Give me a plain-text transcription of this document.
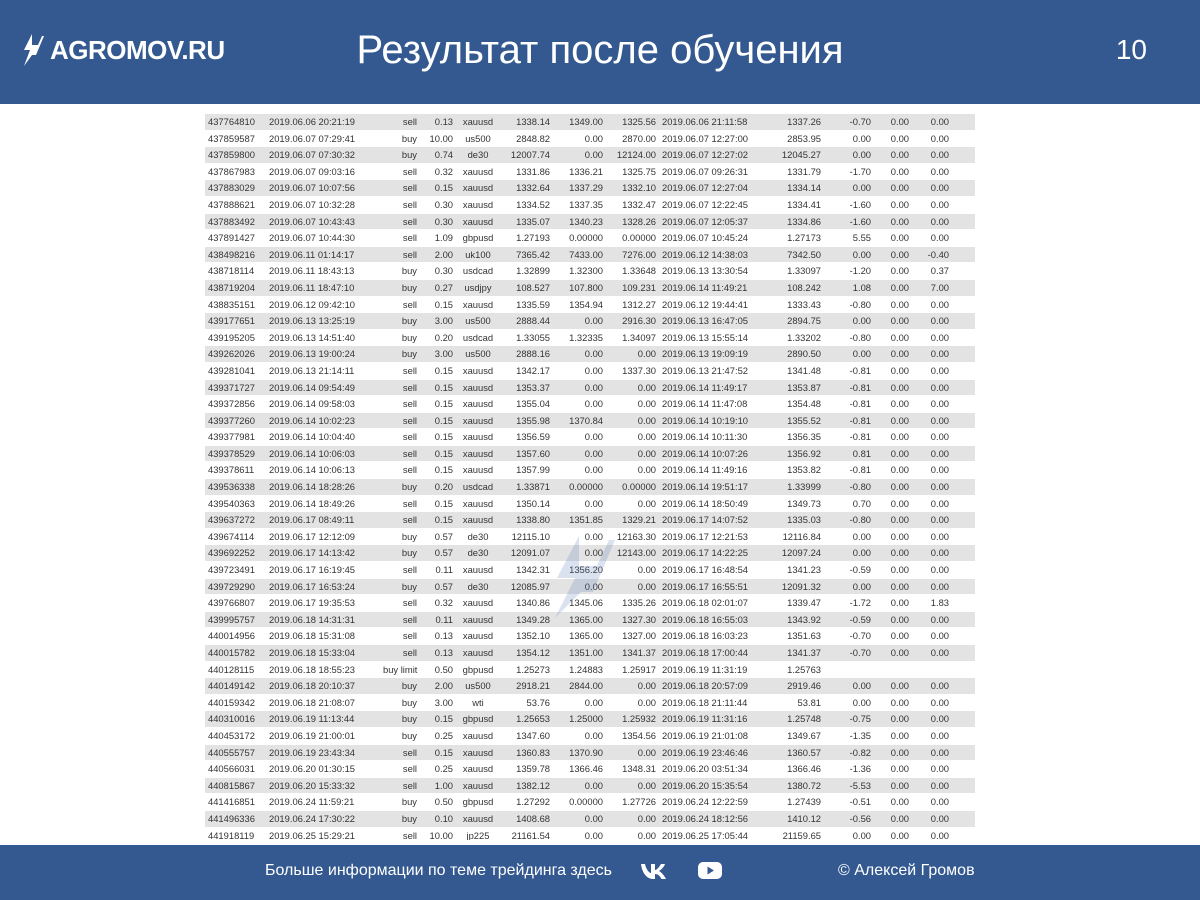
AGROMOV.RU	Результат после обучения	10
437764810	2019.06.06 20:21:19	sell	0.13	xauusd	1338.14	1349.00	1325.56	2019.06.06 21:11:58	1337.26	-0.70	0.00	0.00	
437859587	2019.06.07 07:29:41	buy	10.00	us500	2848.82	0.00	2870.00	2019.06.07 12:27:00	2853.95	0.00	0.00	0.00	
437859800	2019.06.07 07:30:32	buy	0.74	de30	12007.74	0.00	12124.00	2019.06.07 12:27:02	12045.27	0.00	0.00	0.00	
437867983	2019.06.07 09:03:16	sell	0.32	xauusd	1331.86	1336.21	1325.75	2019.06.07 09:26:31	1331.79	-1.70	0.00	0.00	
437883029	2019.06.07 10:07:56	sell	0.15	xauusd	1332.64	1337.29	1332.10	2019.06.07 12:27:04	1334.14	0.00	0.00	0.00	
437888621	2019.06.07 10:32:28	sell	0.30	xauusd	1334.52	1337.35	1332.47	2019.06.07 12:22:45	1334.41	-1.60	0.00	0.00	
437883492	2019.06.07 10:43:43	sell	0.30	xauusd	1335.07	1340.23	1328.26	2019.06.07 12:05:37	1334.86	-1.60	0.00	0.00	
437891427	2019.06.07 10:44:30	sell	1.09	gbpusd	1.27193	0.00000	0.00000	2019.06.07 10:45:24	1.27173	5.55	0.00	0.00	
438498216	2019.06.11 01:14:17	sell	2.00	uk100	7365.42	7433.00	7276.00	2019.06.12 14:38:03	7342.50	0.00	0.00	-0.40	
438718114	2019.06.11 18:43:13	buy	0.30	usdcad	1.32899	1.32300	1.33648	2019.06.13 13:30:54	1.33097	-1.20	0.00	0.37	
438719204	2019.06.11 18:47:10	buy	0.27	usdjpy	108.527	107.800	109.231	2019.06.14 11:49:21	108.242	1.08	0.00	7.00	
438835151	2019.06.12 09:42:10	sell	0.15	xauusd	1335.59	1354.94	1312.27	2019.06.12 19:44:41	1333.43	-0.80	0.00	0.00	
439177651	2019.06.13 13:25:19	buy	3.00	us500	2888.44	0.00	2916.30	2019.06.13 16:47:05	2894.75	0.00	0.00	0.00	
439195205	2019.06.13 14:51:40	buy	0.20	usdcad	1.33055	1.32335	1.34097	2019.06.13 15:55:14	1.33202	-0.80	0.00	0.00	
439262026	2019.06.13 19:00:24	buy	3.00	us500	2888.16	0.00	0.00	2019.06.13 19:09:19	2890.50	0.00	0.00	0.00	
439281041	2019.06.13 21:14:11	sell	0.15	xauusd	1342.17	0.00	1337.30	2019.06.13 21:47:52	1341.48	-0.81	0.00	0.00	
439371727	2019.06.14 09:54:49	sell	0.15	xauusd	1353.37	0.00	0.00	2019.06.14 11:49:17	1353.87	-0.81	0.00	0.00	
439372856	2019.06.14 09:58:03	sell	0.15	xauusd	1355.04	0.00	0.00	2019.06.14 11:47:08	1354.48	-0.81	0.00	0.00	
439377260	2019.06.14 10:02:23	sell	0.15	xauusd	1355.98	1370.84	0.00	2019.06.14 10:19:10	1355.52	-0.81	0.00	0.00	
439377981	2019.06.14 10:04:40	sell	0.15	xauusd	1356.59	0.00	0.00	2019.06.14 10:11:30	1356.35	-0.81	0.00	0.00	
439378529	2019.06.14 10:06:03	sell	0.15	xauusd	1357.60	0.00	0.00	2019.06.14 10:07:26	1356.92	0.81	0.00	0.00	
439378611	2019.06.14 10:06:13	sell	0.15	xauusd	1357.99	0.00	0.00	2019.06.14 11:49:16	1353.82	-0.81	0.00	0.00	
439536338	2019.06.14 18:28:26	buy	0.20	usdcad	1.33871	0.00000	0.00000	2019.06.14 19:51:17	1.33999	-0.80	0.00	0.00	
439540363	2019.06.14 18:49:26	sell	0.15	xauusd	1350.14	0.00	0.00	2019.06.14 18:50:49	1349.73	0.70	0.00	0.00	
439637272	2019.06.17 08:49:11	sell	0.15	xauusd	1338.80	1351.85	1329.21	2019.06.17 14:07:52	1335.03	-0.80	0.00	0.00	
439674114	2019.06.17 12:12:09	buy	0.57	de30	12115.10	0.00	12163.30	2019.06.17 12:21:53	12116.84	0.00	0.00	0.00	
439692252	2019.06.17 14:13:42	buy	0.57	de30	12091.07	0.00	12143.00	2019.06.17 14:22:25	12097.24	0.00	0.00	0.00	
439723491	2019.06.17 16:19:45	sell	0.11	xauusd	1342.31	1356.20	0.00	2019.06.17 16:48:54	1341.23	-0.59	0.00	0.00	
439729290	2019.06.17 16:53:24	buy	0.57	de30	12085.97	0.00	0.00	2019.06.17 16:55:51	12091.32	0.00	0.00	0.00	
439766807	2019.06.17 19:35:53	sell	0.32	xauusd	1340.86	1345.06	1335.26	2019.06.18 02:01:07	1339.47	-1.72	0.00	1.83	
439995757	2019.06.18 14:31:31	sell	0.11	xauusd	1349.28	1365.00	1327.30	2019.06.18 16:55:03	1343.92	-0.59	0.00	0.00	
440014956	2019.06.18 15:31:08	sell	0.13	xauusd	1352.10	1365.00	1327.00	2019.06.18 16:03:23	1351.63	-0.70	0.00	0.00	
440015782	2019.06.18 15:33:04	sell	0.13	xauusd	1354.12	1351.00	1341.37	2019.06.18 17:00:44	1341.37	-0.70	0.00	0.00	
440128115	2019.06.18 18:55:23	buy limit	0.50	gbpusd	1.25273	1.24883	1.25917	2019.06.19 11:31:19	1.25763				
440149142	2019.06.18 20:10:37	buy	2.00	us500	2918.21	2844.00	0.00	2019.06.18 20:57:09	2919.46	0.00	0.00	0.00	
440159342	2019.06.18 21:08:07	buy	3.00	wti	53.76	0.00	0.00	2019.06.18 21:11:44	53.81	0.00	0.00	0.00	
440310016	2019.06.19 11:13:44	buy	0.15	gbpusd	1.25653	1.25000	1.25932	2019.06.19 11:31:16	1.25748	-0.75	0.00	0.00	
440453172	2019.06.19 21:00:01	buy	0.25	xauusd	1347.60	0.00	1354.56	2019.06.19 21:01:08	1349.67	-1.35	0.00	0.00	
440555757	2019.06.19 23:43:34	sell	0.15	xauusd	1360.83	1370.90	0.00	2019.06.19 23:46:46	1360.57	-0.82	0.00	0.00	
440566031	2019.06.20 01:30:15	sell	0.25	xauusd	1359.78	1366.46	1348.31	2019.06.20 03:51:34	1366.46	-1.36	0.00	0.00	
440815867	2019.06.20 15:33:32	sell	1.00	xauusd	1382.12	0.00	0.00	2019.06.20 15:35:54	1380.72	-5.53	0.00	0.00	
441416851	2019.06.24 11:59:21	buy	0.50	gbpusd	1.27292	0.00000	1.27726	2019.06.24 12:22:59	1.27439	-0.51	0.00	0.00	
441496336	2019.06.24 17:30:22	buy	0.10	xauusd	1408.68	0.00	0.00	2019.06.24 18:12:56	1410.12	-0.56	0.00	0.00	
441918119	2019.06.25 15:29:21	sell	10.00	jp225	21161.54	0.00	0.00	2019.06.25 17:05:44	21159.65	0.00	0.00	0.00	

Больше информации по теме трейдинга здесь	© Алексей Громов
